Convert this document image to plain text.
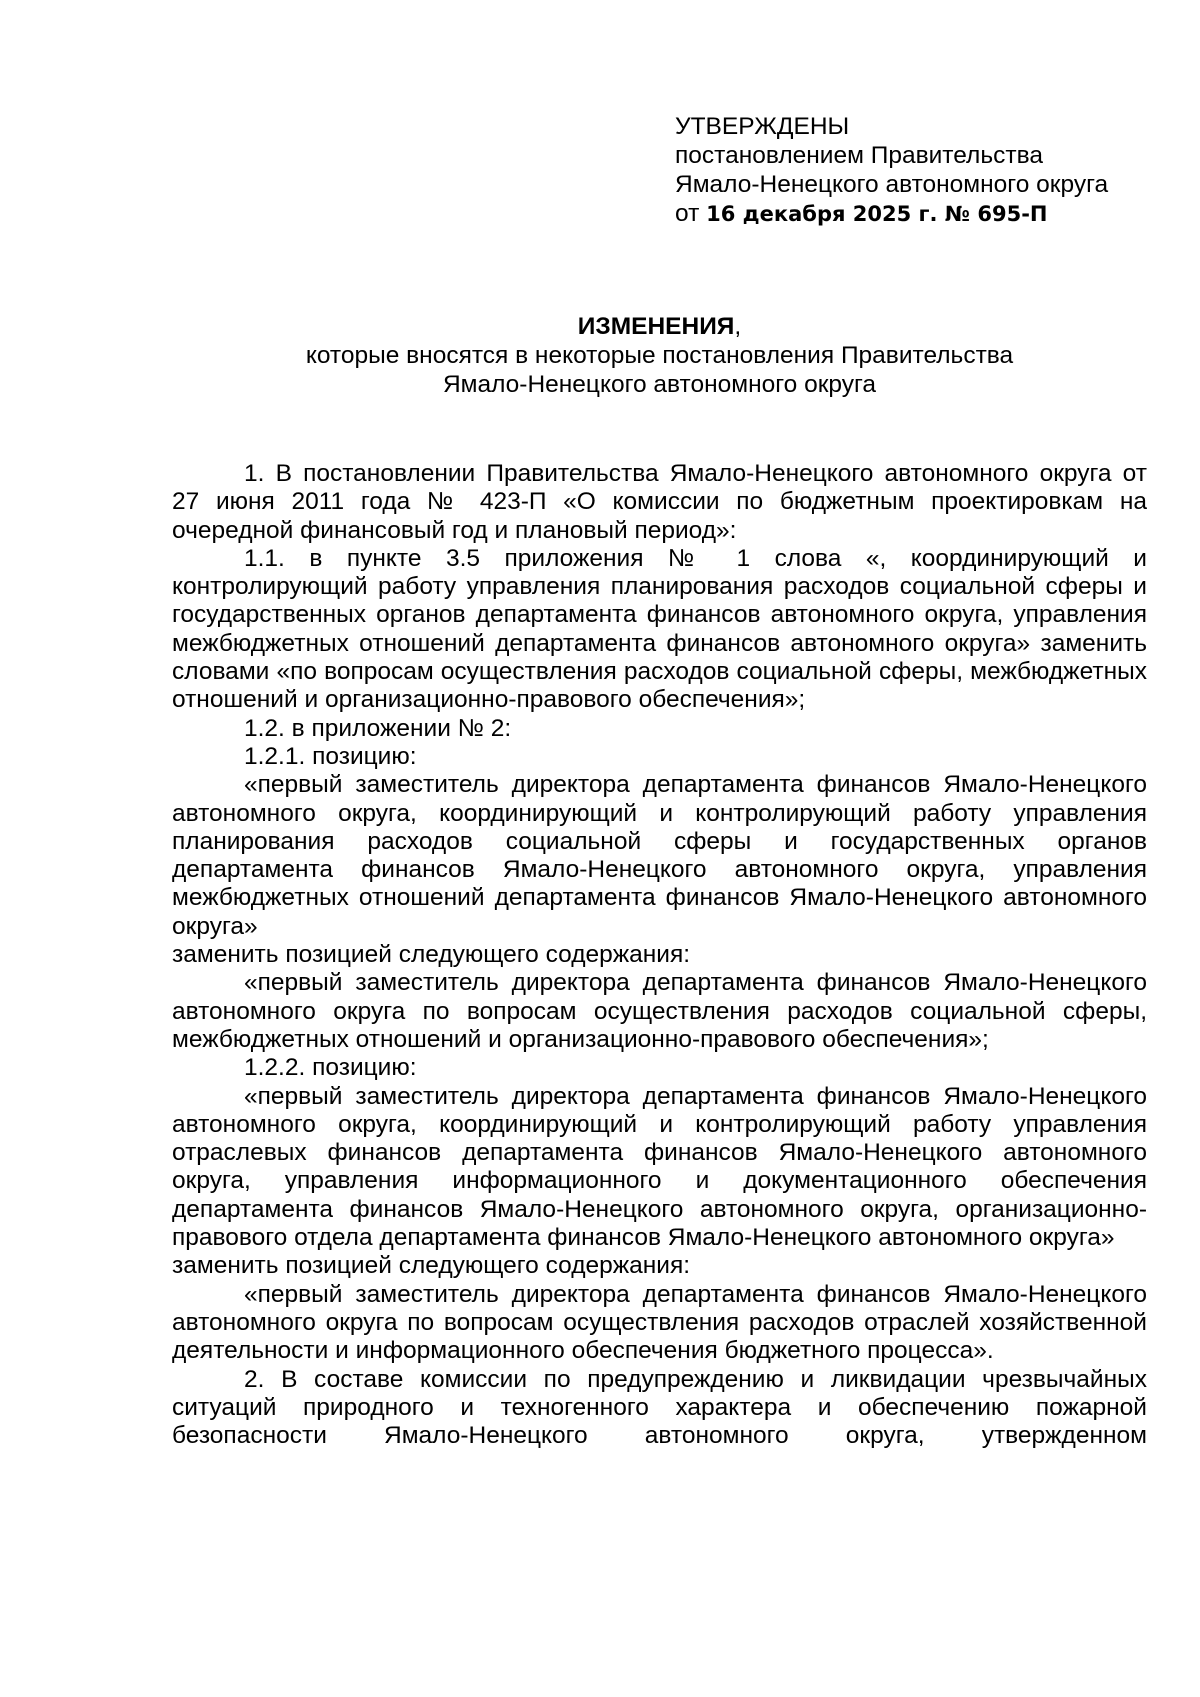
УТВЕРЖДЕНЫ

постановлением Правительства

Ямало-Ненецкого автономного округа

от 16 декабря 2025 г. № 695-П

ИЗМЕНЕНИЯ,

которые вносятся в некоторые постановления Правительства

Ямало-Ненецкого автономного округа

1. В постановлении Правительства Ямало-Ненецкого автономного округа от 27 июня 2011 года № 423-П «О комиссии по бюджетным проектировкам на очередной финансовый год и плановый период»:

1.1. в пункте 3.5 приложения № 1 слова «, координирующий и контролирующий работу управления планирования расходов социальной сферы и государственных органов департамента финансов автономного округа, управления межбюджетных отношений департамента финансов автономного округа» заменить словами «по вопросам осуществления расходов социальной сферы, межбюджетных отношений и организационно-правового обеспечения»;

1.2. в приложении № 2:

1.2.1. позицию:

«первый заместитель директора департамента финансов Ямало-Ненецкого автономного округа, координирующий и контролирующий работу управления планирования расходов социальной сферы и государственных органов департамента финансов Ямало-Ненецкого автономного округа, управления межбюджетных отношений департамента финансов Ямало-Ненецкого автономного округа»

заменить позицией следующего содержания:

«первый заместитель директора департамента финансов Ямало-Ненецкого автономного округа по вопросам осуществления расходов социальной сферы, межбюджетных отношений и организационно-правового обеспечения»;

1.2.2. позицию:

«первый заместитель директора департамента финансов Ямало-Ненецкого автономного округа, координирующий и контролирующий работу управления отраслевых финансов департамента финансов Ямало-Ненецкого автономного округа, управления информационного и документационного обеспечения департамента финансов Ямало-Ненецкого автономного округа, организационно-правового отдела департамента финансов Ямало-Ненецкого автономного округа»

заменить позицией следующего содержания:

«первый заместитель директора департамента финансов Ямало-Ненецкого автономного округа по вопросам осуществления расходов отраслей хозяйственной деятельности и информационного обеспечения бюджетного процесса».

2. В составе комиссии по предупреждению и ликвидации чрезвычайных ситуаций природного и техногенного характера и обеспечению пожарной безопасности Ямало-Ненецкого автономного округа, утвержденном
